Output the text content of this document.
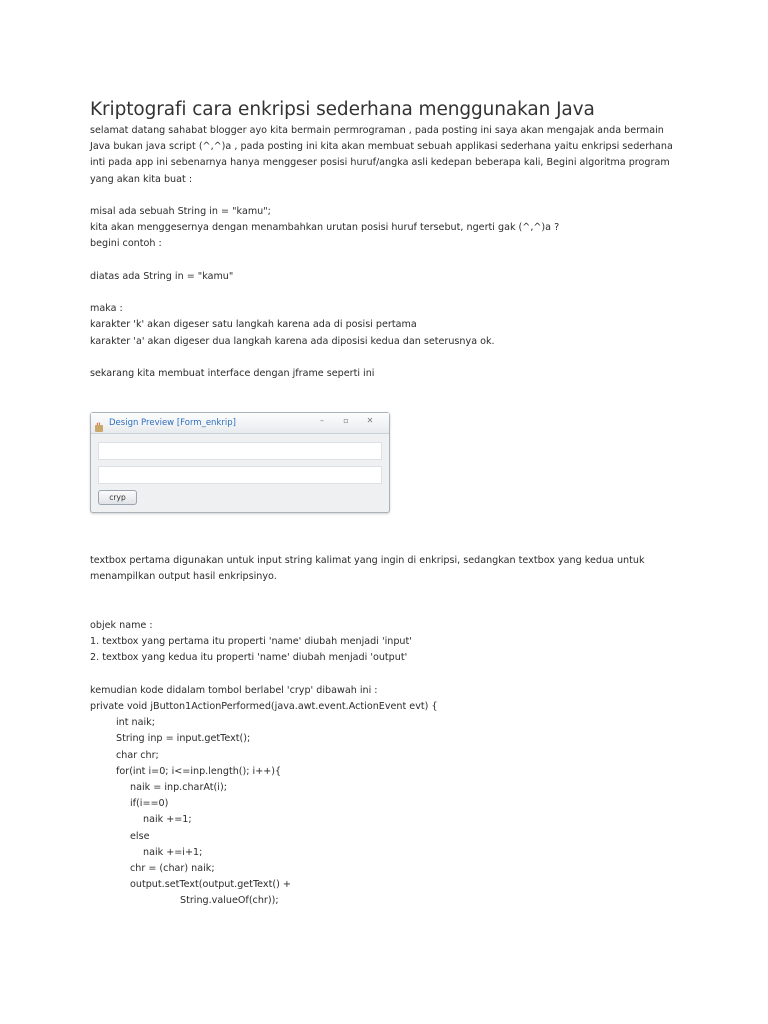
Kriptografi cara enkripsi sederhana menggunakan Java

selamat datang sahabat blogger ayo kita bermain permrograman , pada posting ini saya akan mengajak anda bermain

Java bukan java script (^,^)a , pada posting ini kita akan membuat sebuah applikasi sederhana yaitu enkripsi sederhana

inti pada app ini sebenarnya hanya menggeser posisi huruf/angka asli kedepan beberapa kali, Begini algoritma program

yang akan kita buat :

misal ada sebuah String in = "kamu";

kita akan menggesernya dengan menambahkan urutan posisi huruf tersebut, ngerti gak (^,^)a ?

begini contoh :

diatas ada String in = "kamu"

maka :

karakter 'k' akan digeser satu langkah karena ada di posisi pertama

karakter 'a' akan digeser dua langkah karena ada diposisi kedua dan seterusnya ok.

sekarang kita membuat interface dengan jframe seperti ini

Design Preview [Form_enkrip]	–	▫ ✕
cryp

textbox pertama digunakan untuk input string kalimat yang ingin di enkripsi, sedangkan textbox yang kedua untuk

menampilkan output hasil enkripsinyo.

objek name :

1. textbox yang pertama itu properti 'name' diubah menjadi 'input'

2. textbox yang kedua itu properti 'name' diubah menjadi 'output'

kemudian kode didalam tombol berlabel 'cryp' dibawah ini :

private void jButton1ActionPerformed(java.awt.event.ActionEvent evt) {

int naik;

String inp = input.getText();

char chr;

for(int i=0; i<=inp.length(); i++){

naik = inp.charAt(i);

if(i==0)

naik +=1;

else

naik +=i+1;

chr = (char) naik;

output.setText(output.getText() +

String.valueOf(chr));
